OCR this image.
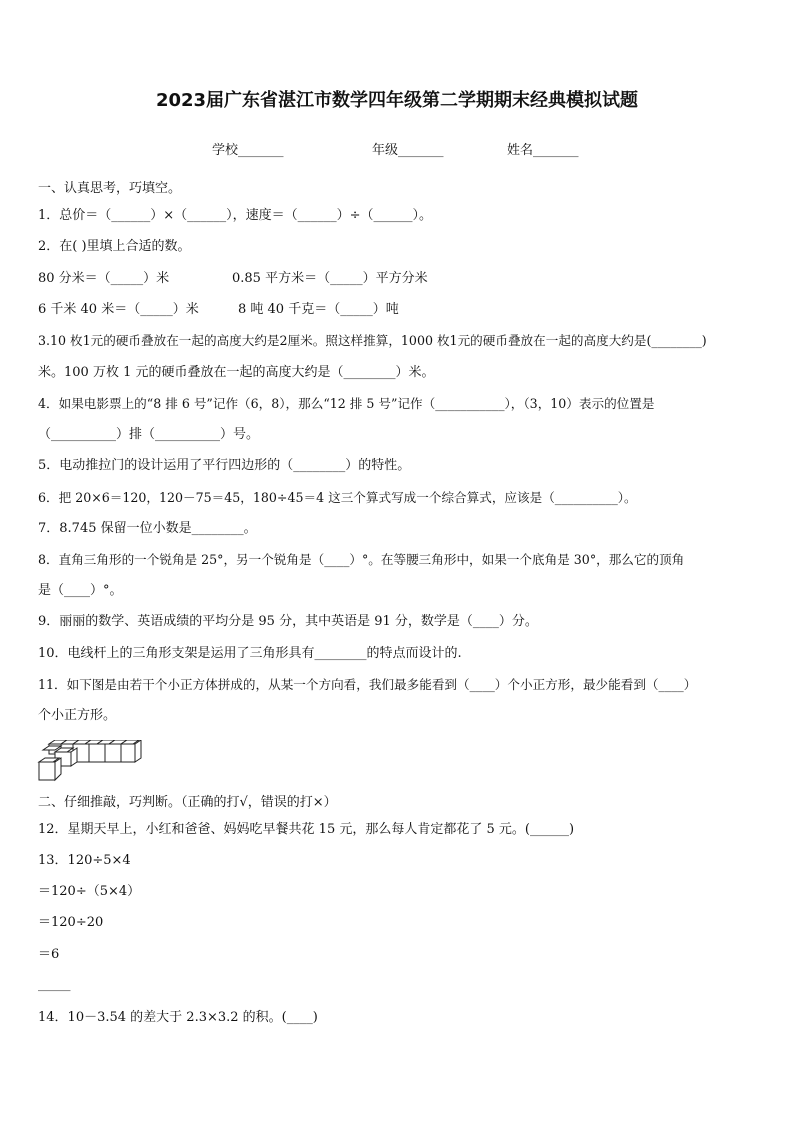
2023届广东省湛江市数学四年级第二学期期末经典模拟试题
学校_______	年级_______	姓名_______
一、认真思考，巧填空。
1．总价＝（______）×（______），速度＝（______）÷（______）。
2．在( )里填上合适的数。
80 分米＝（_____）米	0.85 平方米＝（_____）平方分米
6 千米 40 米＝（_____）米	8 吨 40 千克＝（_____）吨
3.10 枚1元的硬币叠放在一起的高度大约是2厘米。照这样推算，1000 枚1元的硬币叠放在一起的高度大约是(________)
米。100 万枚 1 元的硬币叠放在一起的高度大约是（________）米。
4．如果电影票上的“8 排 6 号”记作（6，8），那么“12 排 5 号”记作（___________），（3，10）表示的位置是
（__________）排（__________）号。
5．电动推拉门的设计运用了平行四边形的（________）的特性。
6．把 20×6＝120，120－75＝45，180÷45＝4 这三个算式写成一个综合算式，应该是（__________）。
7．8.745 保留一位小数是________。
8．直角三角形的一个锐角是 25°，另一个锐角是（____）°。在等腰三角形中，如果一个底角是 30°，那么它的顶角
是（____）°。
9．丽丽的数学、英语成绩的平均分是 95 分，其中英语是 91 分，数学是（____）分。
10．电线杆上的三角形支架是运用了三角形具有________的特点而设计的.
11．如下图是由若干个小正方体拼成的，从某一个方向看，我们最多能看到（____）个小正方形，最少能看到（____）
个小正方形。
二、仔细推敲，巧判断。（正确的打√，错误的打×）
12．星期天早上，小红和爸爸、妈妈吃早餐共花 15 元，那么每人肯定都花了 5 元。(______)
13．120÷5×4
＝120÷（5×4）
＝120÷20
＝6
_____
14．10－3.54 的差大于 2.3×3.2 的积。(____)
